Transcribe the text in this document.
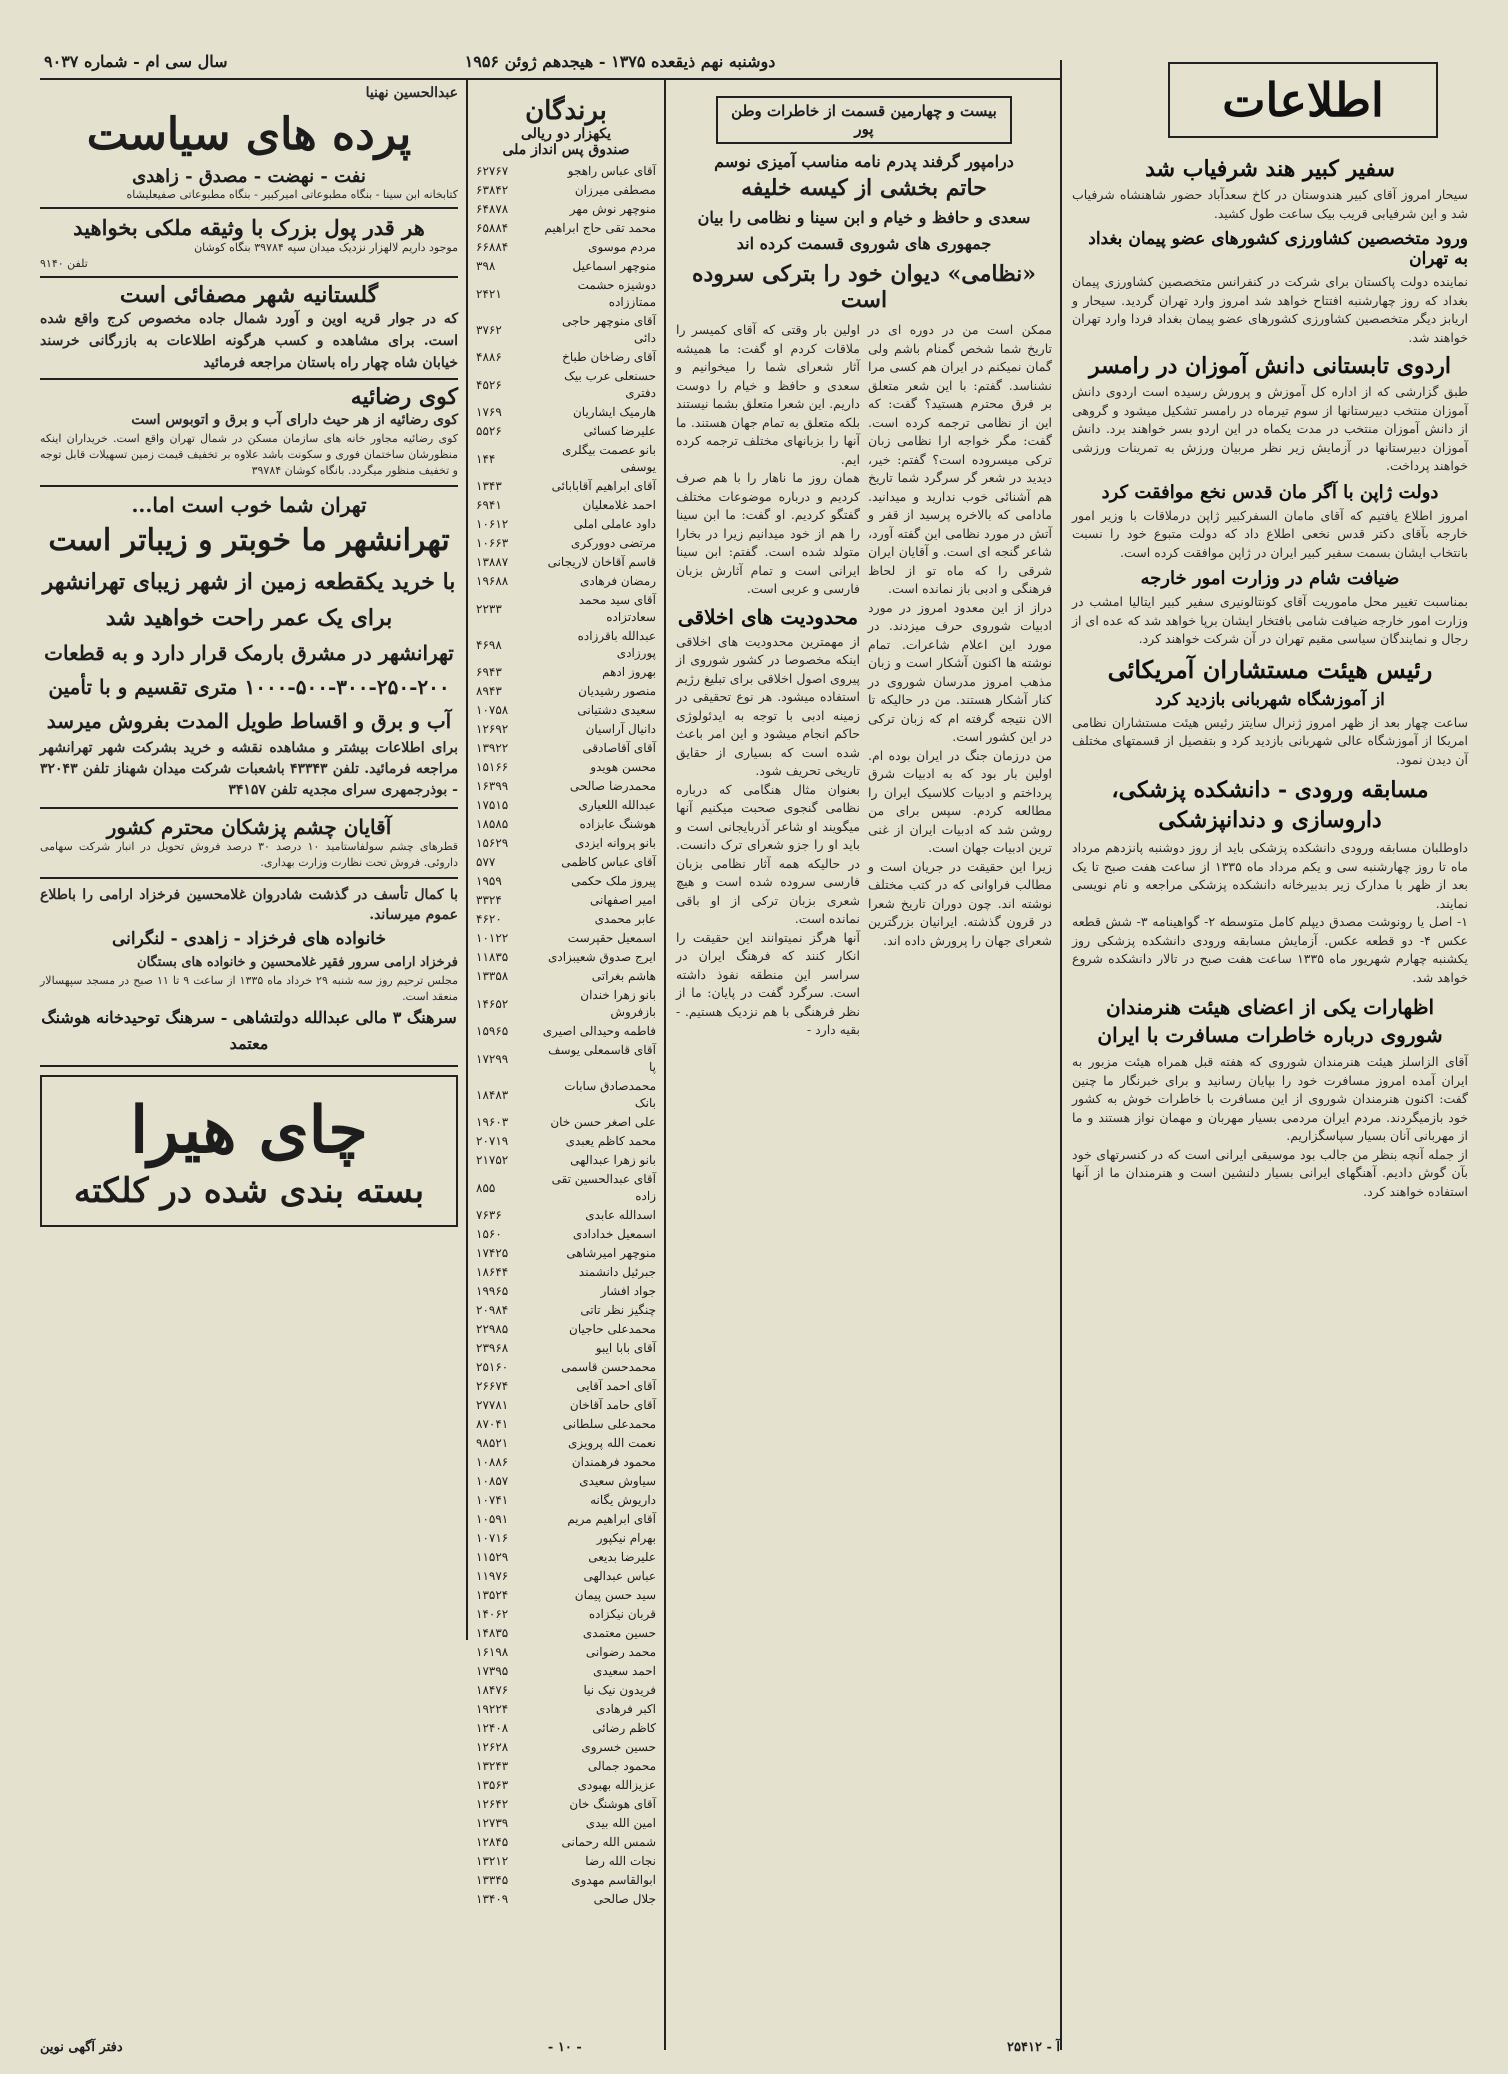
اطلاعات
دوشنبه نهم ذیقعده ۱۳۷۵ - هیجدهم ژوئن ۱۹۵۶
سال سی ام - شماره ۹۰۳۷

سفیر کبیر هند شرفیاب شد

سیحار امروز آقای کبیر هندوستان در کاخ سعدآباد حضور شاهنشاه شرفیاب شد و این شرفیابی قریب بیک ساعت طول کشید.

ورود متخصصین کشاورزی کشورهای عضو پیمان بغداد به تهران

نماینده دولت پاکستان برای شرکت در کنفرانس متخصصین کشاورزی پیمان بغداد که روز چهارشنبه افتتاح خواهد شد امروز وارد تهران گردید. سیحار و اریابز دیگر متخصصین کشاورزی کشورهای عضو پیمان بغداد فردا وارد تهران خواهند شد.

اردوی تابستانی دانش آموزان در رامسر

طبق گزارشی که از اداره کل آموزش و پرورش رسیده است اردوی دانش آموزان منتخب دبیرستانها از سوم تیرماه در رامسر تشکیل میشود و گروهی از دانش آموزان منتخب در مدت یکماه در این اردو بسر خواهند برد. دانش آموزان دبیرستانها در آزمایش زیر نظر مربیان ورزش به تمرینات ورزشی خواهند پرداخت.

دولت ژاپن با آگر مان قدس نخع موافقت کرد

امروز اطلاع یافتیم که آقای مامان السفرکبیر ژاپن درملاقات با وزیر امور خارجه بآقای دکتر قدس نخعی اطلاع داد که دولت متبوع خود را نسبت بانتخاب ایشان بسمت سفیر کبیر ایران در ژاپن موافقت کرده است.

ضیافت شام در وزارت امور خارجه

بمناسبت تغییر محل ماموریت آقای کونتالونیری سفیر کبیر ایتالیا امشب در وزارت امور خارجه ضیافت شامی بافتخار ایشان برپا خواهد شد که عده ای از رجال و نمایندگان سیاسی مقیم تهران در آن شرکت خواهند کرد.

رئیس هیئت مستشاران آمریکائی

از آموزشگاه شهربانی بازدید کرد

ساعت چهار بعد از ظهر امروز ژنرال سایتز رئیس هیئت مستشاران نظامی امریکا از آموزشگاه عالی شهربانی بازدید کرد و بتفصیل از قسمتهای مختلف آن دیدن نمود.

مسابقه ورودی - دانشکده پزشکی، داروسازی و دندانپزشکی

داوطلبان مسابقه ورودی دانشکده پزشکی باید از روز دوشنبه پانزدهم مرداد ماه تا روز چهارشنبه سی و یکم مرداد ماه ۱۳۳۵ از ساعت هفت صبح تا یک بعد از ظهر با مدارک زیر بدبیرخانه دانشکده پزشکی مراجعه و نام نویسی نمایند.

۱- اصل یا رونوشت مصدق دیپلم کامل متوسطه ۲- گواهینامه ۳- شش قطعه عکس ۴- دو قطعه عکس. آزمایش مسابقه ورودی دانشکده پزشکی روز یکشنبه چهارم شهریور ماه ۱۳۳۵ ساعت هفت صبح در تالار دانشکده شروع خواهد شد.

اظهارات یکی از اعضای هیئت هنرمندان شوروی درباره خاطرات مسافرت با ایران

آقای الزاسلز هیئت هنرمندان شوروی که هفته قبل همراه هیئت مزبور به ایران آمده امروز مسافرت خود را بپایان رسانید و برای خبرنگار ما چنین گفت: اکنون هنرمندان شوروی از این مسافرت با خاطرات خوش به کشور خود بازمیگردند. مردم ایران مردمی بسیار مهربان و مهمان نواز هستند و ما از مهربانی آنان بسیار سپاسگزاریم.

از جمله آنچه بنظر من جالب بود موسیقی ایرانی است که در کنسرتهای خود بآن گوش دادیم. آهنگهای ایرانی بسیار دلنشین است و هنرمندان ما از آنها استفاده خواهند کرد.

بیست و چهارمین قسمت از خاطرات وطن پور

درامپور گرفند پدرم نامه مناسب آمیزی نوسم

حاتم بخشی از کیسه خلیفه

سعدی و حافظ و خیام و ابن سینا و نظامی را بیان جمهوری های شوروی قسمت کرده اند

«نظامی» دیوان خود را بترکی سروده است

ممکن است من در دوره ای در تاریخ شما شخص گمنام باشم ولی گمان نمیکنم در ایران هم کسی مرا نشناسد. گفتم: با این شعر متعلق بر فرق محترم هستید؟ گفت: که این از نظامی ترجمه کرده است. گفت: مگر خواجه ارا نظامی زبان ترکی میسروده است؟ گفتم: خیر، دیدید در شعر گر سرگرد شما تاریخ هم آشنائی خوب ندارید و میدانید. مادامی که بالاخره پرسید از قفر و آتش در مورد نظامی این گفته آورد، شاعر گنجه ای است. و آقایان ایران شرقی را که ماه تو از لحاظ فرهنگی و ادبی باز نمانده است.

دراز از این معدود امروز در مورد ادبیات شوروی حرف میزدند. در مورد این اعلام شاعرات. تمام نوشته ها اکنون آشکار است و زبان مذهب امروز مدرسان شوروی در کنار آشکار هستند. من در حالیکه تا الان نتیجه گرفته ام که زبان ترکی در این کشور است.

من درزمان جنگ در ایران بوده ام. اولین بار بود که به ادبیات شرق پرداختم و ادبیات کلاسیک ایران را مطالعه کردم. سپس برای من روشن شد که ادبیات ایران از غنی ترین ادبیات جهان است.

زیرا این حقیقت در جریان است و مطالب فراوانی که در کتب مختلف نوشته اند. چون دوران تاریخ شعرا در قرون گذشته. ایرانیان بزرگترین شعرای جهان را پرورش داده اند.

اولین بار وقتی که آقای کمیسر را ملاقات کردم او گفت: ما همیشه آثار شعرای شما را میخوانیم و سعدی و حافظ و خیام را دوست داریم. این شعرا متعلق بشما نیستند بلکه متعلق به تمام جهان هستند. ما آنها را بزبانهای مختلف ترجمه کرده ایم.

همان روز ما ناهار را با هم صرف کردیم و درباره موضوعات مختلف گفتگو کردیم. او گفت: ما ابن سینا را هم از خود میدانیم زیرا در بخارا متولد شده است. گفتم: ابن سینا ایرانی است و تمام آثارش بزبان فارسی و عربی است.

محدودیت های اخلاقی

از مهمترین محدودیت های اخلاقی اینکه مخصوصا در کشور شوروی از پیروی اصول اخلاقی برای تبلیغ رژیم استفاده میشود. هر نوع تحقیقی در زمینه ادبی با توجه به ایدئولوژی حاکم انجام میشود و این امر باعث شده است که بسیاری از حقایق تاریخی تحریف شود.

بعنوان مثال هنگامی که درباره نظامی گنجوی صحبت میکنیم آنها میگویند او شاعر آذربایجانی است و باید او را جزو شعرای ترک دانست. در حالیکه همه آثار نظامی بزبان فارسی سروده شده است و هیچ شعری بزبان ترکی از او باقی نمانده است.

آنها هرگز نمیتوانند این حقیقت را انکار کنند که فرهنگ ایران در سراسر این منطقه نفوذ داشته است. سرگرد گفت در پایان: ما از نظر فرهنگی با هم نزدیک هستیم. - بقیه دارد -

برندگان

یکهزار دو ریالی

صندوق پس انداز ملی

آقای عباس راهجو	۶۲۷۶۷
مصطفی میرزان	۶۳۸۴۲
منوچهر نوش مهر	۶۴۸۷۸
محمد تقی حاج ابراهیم	۶۵۸۸۴
مردم موسوی	۶۶۸۸۴
منوچهر اسماعیل	۳۹۸
دوشیزه حشمت ممتاززاده	۲۴۲۱
آقای منوچهر حاجی دائی	۳۷۶۲
آقای رضاخان طباخ	۴۸۸۶
حسنعلی عرب بیک دفتری	۴۵۲۶
هارمیک ایشاریان	۱۷۶۹
علیرضا کسائی	۵۵۲۶
بانو عصمت بیگلری یوسفی	۱۴۴
آقای ابراهیم آقابابائی	۱۳۴۳
احمد غلامعلیان	۶۹۴۱
داود عاملی املی	۱۰۶۱۲
مرتضی دوورکری	۱۰۶۶۳
قاسم آقاخان لاریجانی	۱۳۸۸۷
رمضان فرهادی	۱۹۶۸۸
آقای سید محمد سعادتزاده	۲۲۳۳
عبدالله باقرزاده پورزادی	۴۶۹۸
بهروز ادهم	۶۹۴۳
منصور رشیدیان	۸۹۴۳
سعیدی دشتیانی	۱۰۷۵۸
دانیال آراسیان	۱۲۶۹۲
آقای آقاصادقی	۱۳۹۲۲
محسن هویدو	۱۵۱۶۶
محمدرضا صالحی	۱۶۳۹۹
عبدالله اللعیاری	۱۷۵۱۵
هوشنگ عابزاده	۱۸۵۸۵
بانو پروانه ایزدی	۱۵۶۲۹
آقای عباس کاظمی	۵۷۷
پیروز ملک حکمی	۱۹۵۹
امیر اصفهانی	۳۳۲۴
عابر محمدی	۴۶۲۰
اسمعیل حقپرست	۱۰۱۲۲
ایرج صدوق شعیبزادی	۱۱۸۳۵
هاشم بغراتی	۱۳۳۵۸
بانو زهرا خندان بازفروش	۱۴۶۵۲
فاطمه وحیدالی اصیری	۱۵۹۶۵
آقای قاسمعلی یوسف پا	۱۷۲۹۹
محمدصادق سابات بانک	۱۸۴۸۳
علی اصغر حسن خان	۱۹۶۰۳
محمد کاظم یعبدی	۲۰۷۱۹
بانو زهرا عبدالهی	۲۱۷۵۲
آقای عبدالحسین تقی زاده	۸۵۵
اسدالله عابدی	۷۶۳۶
اسمعیل خدادادی	۱۵۶۰
منوچهر امیرشاهی	۱۷۴۲۵
جبرئیل دانشمند	۱۸۶۴۴
جواد افشار	۱۹۹۶۵
چنگیز نظر تاتی	۲۰۹۸۴
محمدعلی حاجیان	۲۲۹۸۵
آقای بابا ایبو	۲۳۹۶۸
محمدحسن قاسمی	۲۵۱۶۰
آقای احمد آقایی	۲۶۶۷۴
آقای حامد آقاخان	۲۷۷۸۱
محمدعلی سلطانی	۸۷۰۴۱
نعمت الله پرویزی	۹۸۵۲۱
محمود فرهمندان	۱۰۸۸۶
سیاوش سعیدی	۱۰۸۵۷
داریوش یگانه	۱۰۷۴۱
آقای ابراهیم مریم	۱۰۵۹۱
بهرام نیکپور	۱۰۷۱۶
علیرضا بدیعی	۱۱۵۲۹
عباس عبدالهی	۱۱۹۷۶
سید حسن پیمان	۱۳۵۲۴
قربان نیکزاده	۱۴۰۶۲
حسین معتمدی	۱۴۸۳۵
محمد رضوانی	۱۶۱۹۸
احمد سعیدی	۱۷۳۹۵
فریدون نیک نیا	۱۸۴۷۶
اکبر فرهادی	۱۹۲۲۴
کاظم رضائی	۱۲۴۰۸
حسین خسروی	۱۲۶۲۸
محمود جمالی	۱۳۲۴۳
عزیزالله بهبودی	۱۳۵۶۳
آقای هوشنگ خان	۱۲۶۴۲
امین الله بیدی	۱۲۷۳۹
شمس الله رحمانی	۱۲۸۴۵
نجات الله رضا	۱۳۲۱۲
ابوالقاسم مهدوی	۱۳۳۴۵
جلال صالحی	۱۳۴۰۹

عبدالحسین نهنیا

پرده های سیاست

نفت - نهضت - مصدق - زاهدی

کتابخانه ابن سینا - بنگاه مطبوعاتی امیرکبیر - بنگاه مطبوعاتی صفیعلیشاه

هر قدر پول بزرک با وثیقه ملکی بخواهید

موجود داریم لالهزار نزدیک میدان سپه ۳۹۷۸۴ بنگاه کوشان

تلفن ۹۱۴۰

گلستانیه شهر مصفائی است

که در جوار قریه اوین و آورد شمال جاده مخصوص کرج واقع شده است. برای مشاهده و کسب هرگونه اطلاعات به بازرگانی خرسند خیابان شاه چهار راه باستان مراجعه فرمائید

کوی رضائیه

کوی رضائیه از هر حیث دارای آب و برق و اتوبوس است

کوی رضائیه مجاور خانه های سازمان مسکن در شمال تهران واقع است. خریداران اینکه منظورشان ساختمان فوری و سکونت باشد علاوه بر تخفیف قیمت زمین تسهیلات قابل توجه و تخفیف منظور میگردد. بانگاه کوشان ۳۹۷۸۴

تهران شما خوب است اما...

تهرانشهر ما خوبتر و زیباتر است

با خرید یکقطعه زمین از شهر زیبای تهرانشهر برای یک عمر راحت خواهید شد

تهرانشهر در مشرق بارمک قرار دارد و به قطعات ۲۰۰-۲۵۰-۳۰۰-۵۰۰-۱۰۰۰ متری تقسیم و با تأمین آب و برق و اقساط طویل المدت بفروش میرسد

برای اطلاعات بیشتر و مشاهده نقشه و خرید بشرکت شهر تهرانشهر مراجعه فرمائید. تلفن ۴۳۳۴۳ باشعبات شرکت میدان شهناز تلفن ۳۲۰۴۳ - بوذرجمهری سرای مجدیه تلفن ۳۴۱۵۷

آقایان چشم پزشکان محترم کشور

قطرهای چشم سولفاستامید ۱۰ درصد ۳۰ درصد فروش تحویل در انبار شرکت سهامی داروئی. فروش تحت نظارت وزارت بهداری.

با کمال تأسف در گذشت شادروان غلامحسین فرخزاد ارامی را باطلاع عموم میرساند.

خانواده های فرخزاد - زاهدی - لنگرانی

فرخزاد ارامی سرور فقیر غلامحسین و خانواده های بستگان

مجلس ترحیم روز سه شنبه ۲۹ خرداد ماه ۱۳۳۵ از ساعت ۹ تا ۱۱ صبح در مسجد سپهسالار منعقد است.

سرهنگ ۳ مالی عبدالله دولتشاهی - سرهنگ توحیدخانه هوشنگ معتمد

چای هیرا

بسته بندی شده در کلکته

آ - ۲۵۴۱۲
- ۱۰ -
دفتر آگهی نوین
